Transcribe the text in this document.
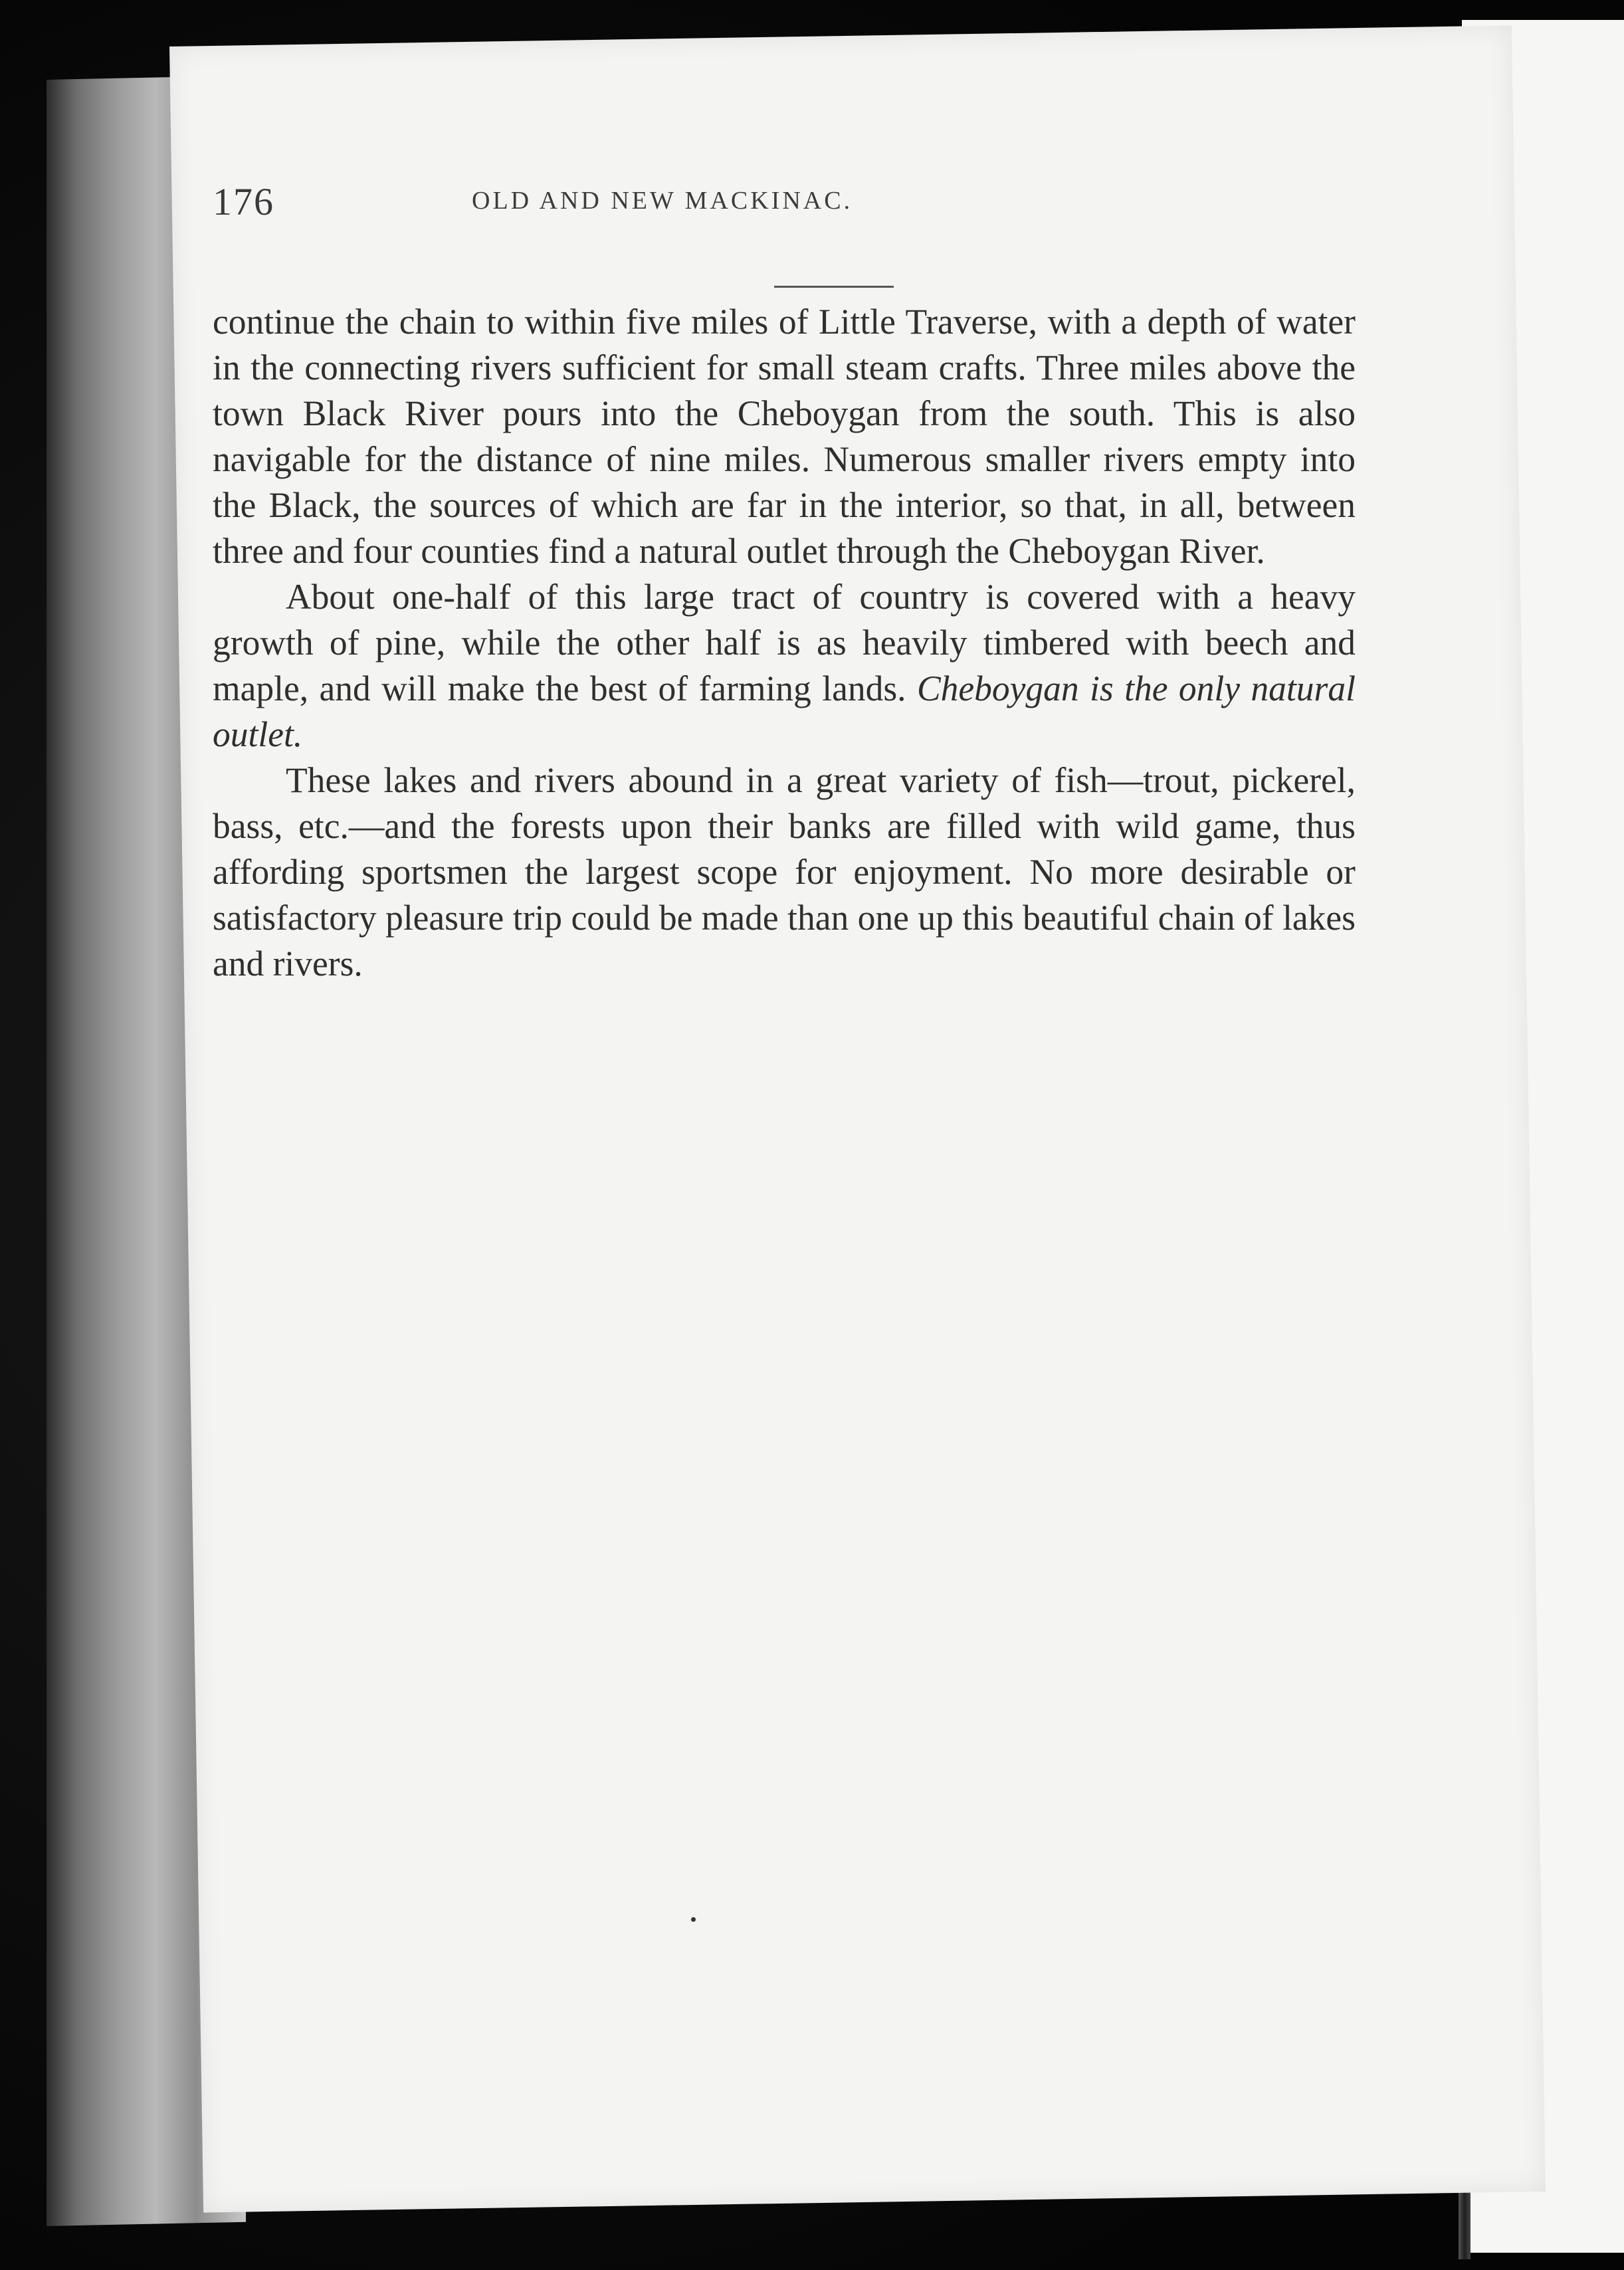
176	OLD AND NEW MACKINAC.

continue the chain to within five miles of Little Traverse, with a depth of water in the connecting rivers sufficient for small steam crafts. Three miles above the town Black River pours into the Cheboygan from the south. This is also navigable for the distance of nine miles. Numerous smaller rivers empty into the Black, the sources of which are far in the interior, so that, in all, between three and four counties find a natural outlet through the Cheboygan River.

About one-half of this large tract of country is covered with a heavy growth of pine, while the other half is as heavily timbered with beech and maple, and will make the best of farming lands. Cheboygan is the only natural outlet.

These lakes and rivers abound in a great variety of fish—trout, pickerel, bass, etc.—and the forests upon their banks are filled with wild game, thus affording sportsmen the largest scope for enjoyment. No more desirable or satisfactory pleasure trip could be made than one up this beautiful chain of lakes and rivers.
